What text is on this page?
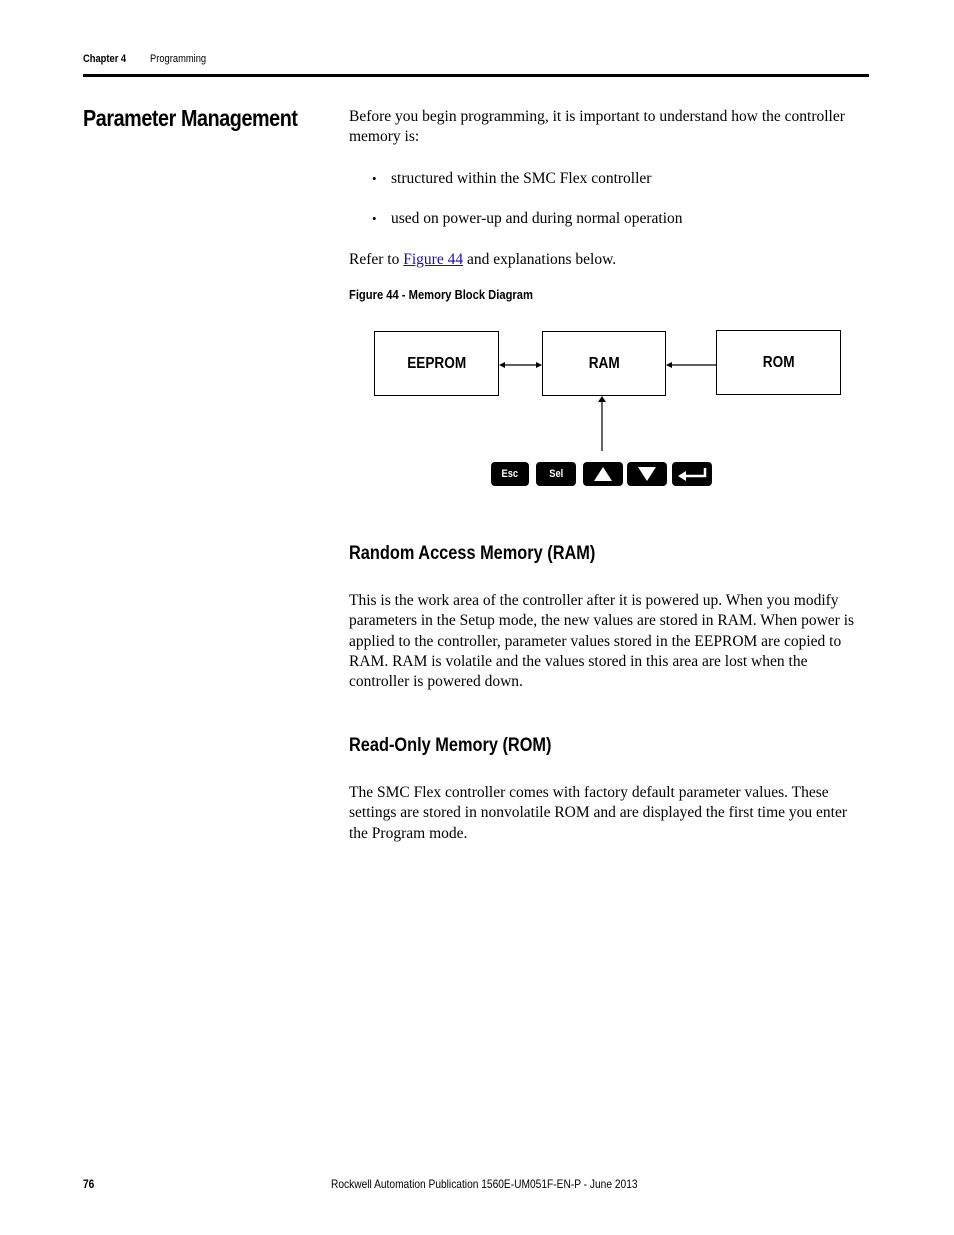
Chapter 4 Programming
Parameter Management	Before you begin programming, it is important to understand how the controller memory is:
• structured within the SMC Flex controller
• used on power-up and during normal operation
Refer to Figure 44 and explanations below.
Figure 44 - Memory Block Diagram
EEPROM	RAM	ROM
Esc	Sel
Random Access Memory (RAM)
This is the work area of the controller after it is powered up. When you modify parameters in the Setup mode, the new values are stored in RAM. When power is applied to the controller, parameter values stored in the EEPROM are copied to RAM. RAM is volatile and the values stored in this area are lost when the controller is powered down.
Read-Only Memory (ROM)
The SMC Flex controller comes with factory default parameter values. These settings are stored in nonvolatile ROM and are displayed the first time you enter the Program mode.
76	Rockwell Automation Publication 1560E-UM051F-EN-P - June 2013
